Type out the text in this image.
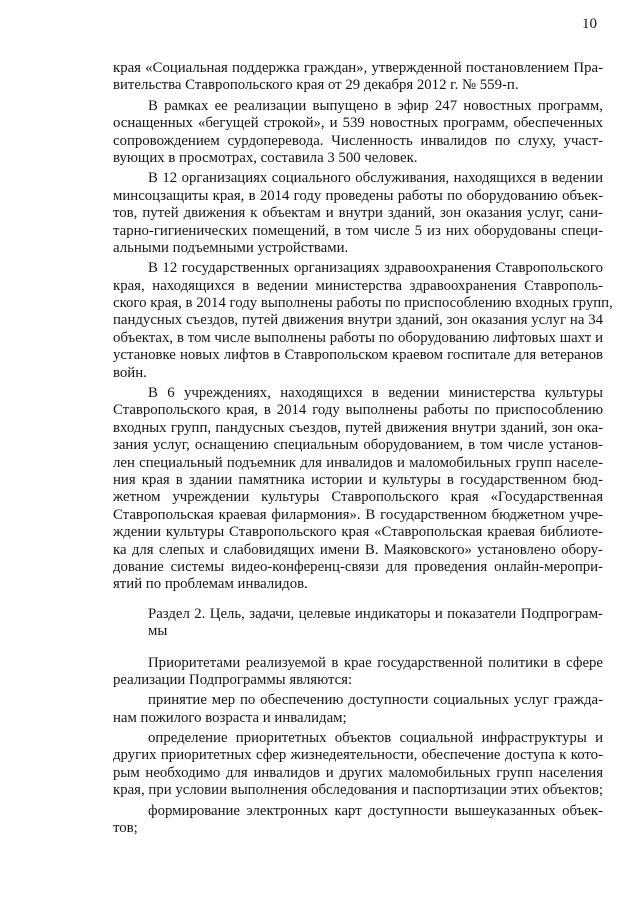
10
края «Социальная поддержка граждан», утвержденной постановлением Пра-
вительства Ставропольского края от 29 декабря 2012 г. № 559-п.
В рамках ее реализации выпущено в эфир 247 новостных программ,
оснащенных «бегущей строкой», и 539 новостных программ, обеспеченных
сопровождением сурдоперевода. Численность инвалидов по слуху, участ-
вующих в просмотрах, составила 3 500 человек.
В 12 организациях социального обслуживания, находящихся в ведении
минсоцзащиты края, в 2014 году проведены работы по оборудованию объек-
тов, путей движения к объектам и внутри зданий, зон оказания услуг, сани-
тарно-гигиенических помещений, в том числе 5 из них оборудованы специ-
альными подъемными устройствами.
В 12 государственных организациях здравоохранения Ставропольского
края, находящихся в ведении министерства здравоохранения Ставрополь-
ского края, в 2014 году выполнены работы по приспособлению входных групп,
пандусных съездов, путей движения внутри зданий, зон оказания услуг на 34
объектах, в том числе выполнены работы по оборудованию лифтовых шахт и
установке новых лифтов в Ставропольском краевом госпитале для ветеранов
войн.
В 6 учреждениях, находящихся в ведении министерства культуры
Ставропольского края, в 2014 году выполнены работы по приспособлению
входных групп, пандусных съездов, путей движения внутри зданий, зон ока-
зания услуг, оснащению специальным оборудованием, в том числе установ-
лен специальный подъемник для инвалидов и маломобильных групп населе-
ния края в здании памятника истории и культуры в государственном бюд-
жетном учреждении культуры Ставропольского края «Государственная
Ставропольская краевая филармония». В государственном бюджетном учре-
ждении культуры Ставропольского края «Ставропольская краевая библиоте-
ка для слепых и слабовидящих имени В. Маяковского» установлено обору-
дование системы видео-конференц-связи для проведения онлайн-меропри-
ятий по проблемам инвалидов.
Раздел 2. Цель, задачи, целевые индикаторы и показатели Подпрограм-
мы
Приоритетами реализуемой в крае государственной политики в сфере
реализации Подпрограммы являются:
принятие мер по обеспечению доступности социальных услуг гражда-
нам пожилого возраста и инвалидам;
определение приоритетных объектов социальной инфраструктуры и
других приоритетных сфер жизнедеятельности, обеспечение доступа к кото-
рым необходимо для инвалидов и других маломобильных групп населения
края, при условии выполнения обследования и паспортизации этих объектов;
формирование электронных карт доступности вышеуказанных объек-
тов;
